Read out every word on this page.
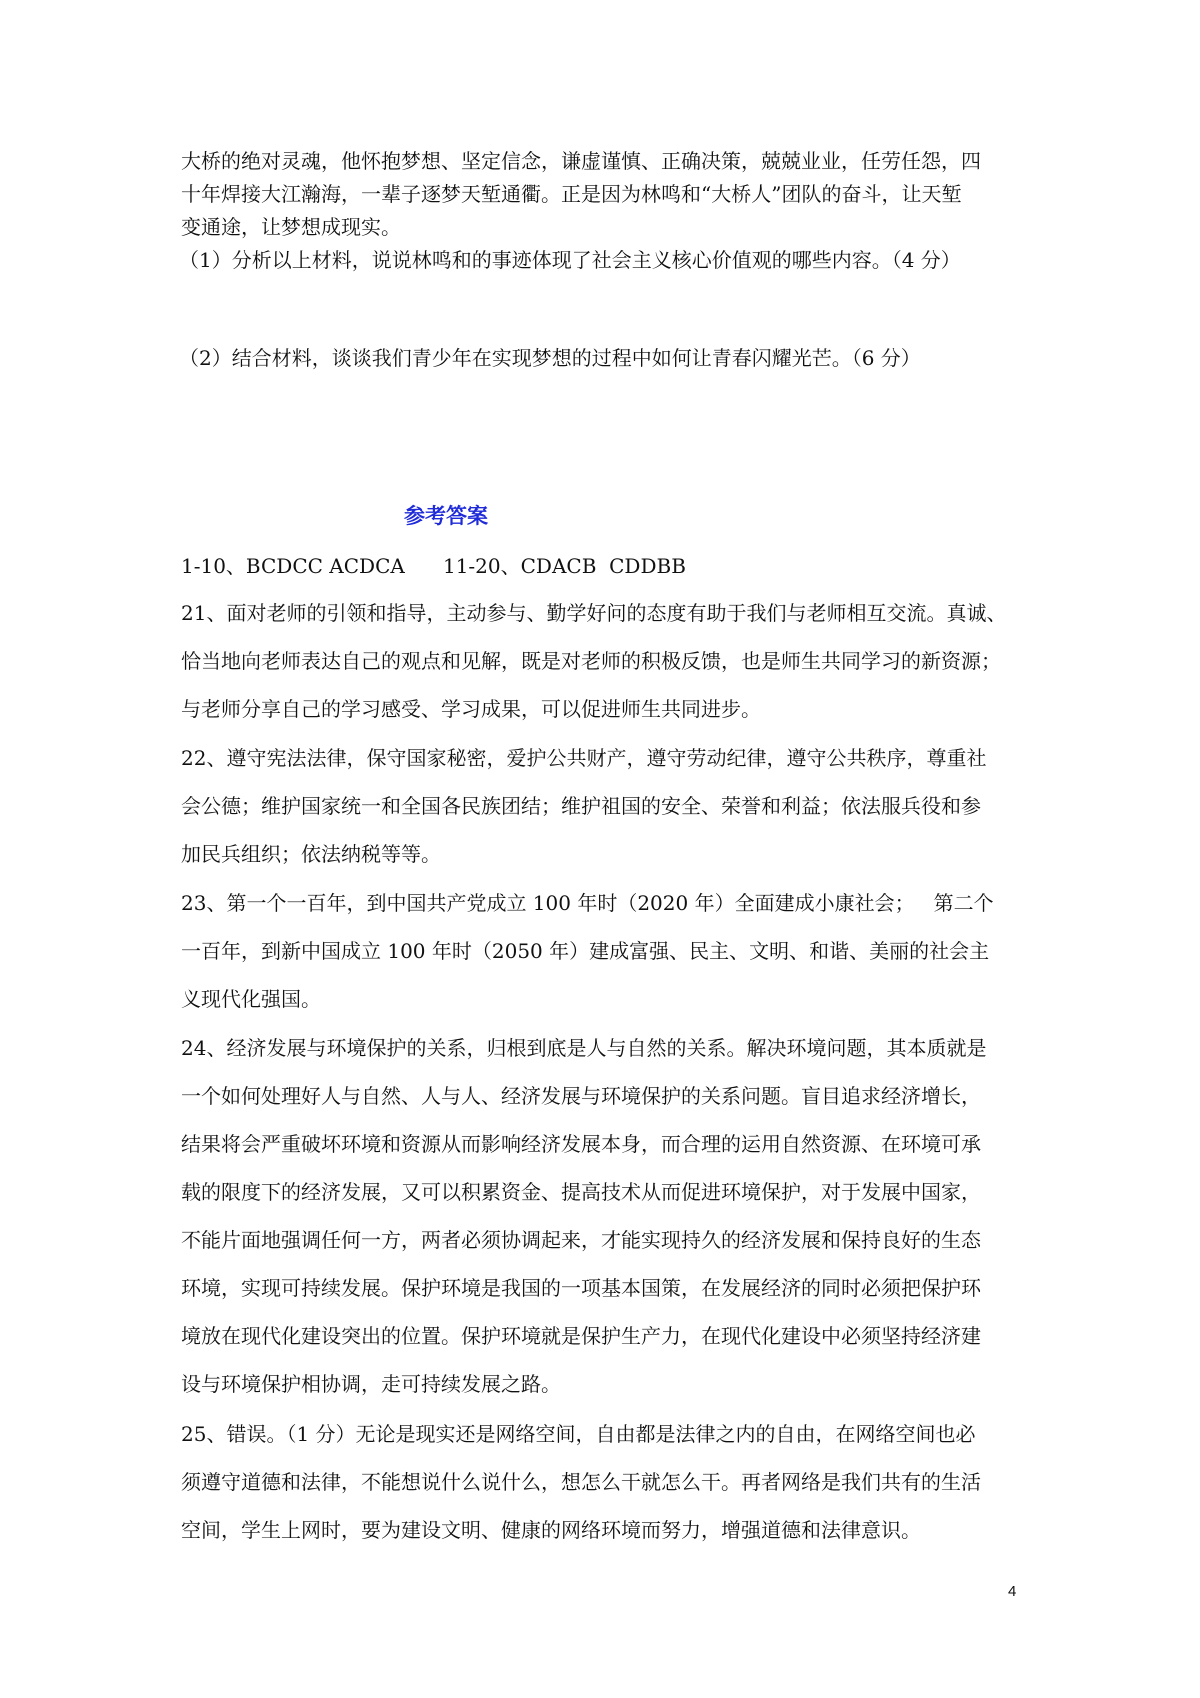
大桥的绝对灵魂，他怀抱梦想、坚定信念，谦虚谨慎、正确决策，兢兢业业，任劳任怨，四
十年焊接大江瀚海，一辈子逐梦天堑通衢。正是因为林鸣和“大桥人”团队的奋斗，让天堑
变通途，让梦想成现实。
（1）分析以上材料，说说林鸣和的事迹体现了社会主义核心价值观的哪些内容。（4 分）
（2）结合材料，谈谈我们青少年在实现梦想的过程中如何让青春闪耀光芒。（6 分）
参考答案
1-10、BCDCC ACDCA      11-20、CDACB  CDDBB
21、面对老师的引领和指导，主动参与、勤学好问的态度有助于我们与老师相互交流。真诚、
恰当地向老师表达自己的观点和见解，既是对老师的积极反馈，也是师生共同学习的新资源；
与老师分享自己的学习感受、学习成果，可以促进师生共同进步。
22、遵守宪法法律，保守国家秘密，爱护公共财产，遵守劳动纪律，遵守公共秩序，尊重社
会公德；维护国家统一和全国各民族团结；维护祖国的安全、荣誉和利益；依法服兵役和参
加民兵组织；依法纳税等等。
23、第一个一百年，到中国共产党成立 100 年时（2020 年）全面建成小康社会；   第二个
一百年，到新中国成立 100 年时（2050 年）建成富强、民主、文明、和谐、美丽的社会主
义现代化强国。
24、经济发展与环境保护的关系，归根到底是人与自然的关系。解决环境问题，其本质就是
一个如何处理好人与自然、人与人、经济发展与环境保护的关系问题。盲目追求经济增长，
结果将会严重破坏环境和资源从而影响经济发展本身，而合理的运用自然资源、在环境可承
载的限度下的经济发展，又可以积累资金、提高技术从而促进环境保护，对于发展中国家，
不能片面地强调任何一方，两者必须协调起来，才能实现持久的经济发展和保持良好的生态
环境，实现可持续发展。保护环境是我国的一项基本国策，在发展经济的同时必须把保护环
境放在现代化建设突出的位置。保护环境就是保护生产力，在现代化建设中必须坚持经济建
设与环境保护相协调，走可持续发展之路。
25、错误。（1 分）无论是现实还是网络空间，自由都是法律之内的自由，在网络空间也必
须遵守道德和法律，不能想说什么说什么，想怎么干就怎么干。再者网络是我们共有的生活
空间，学生上网时，要为建设文明、健康的网络环境而努力，增强道德和法律意识。
4
